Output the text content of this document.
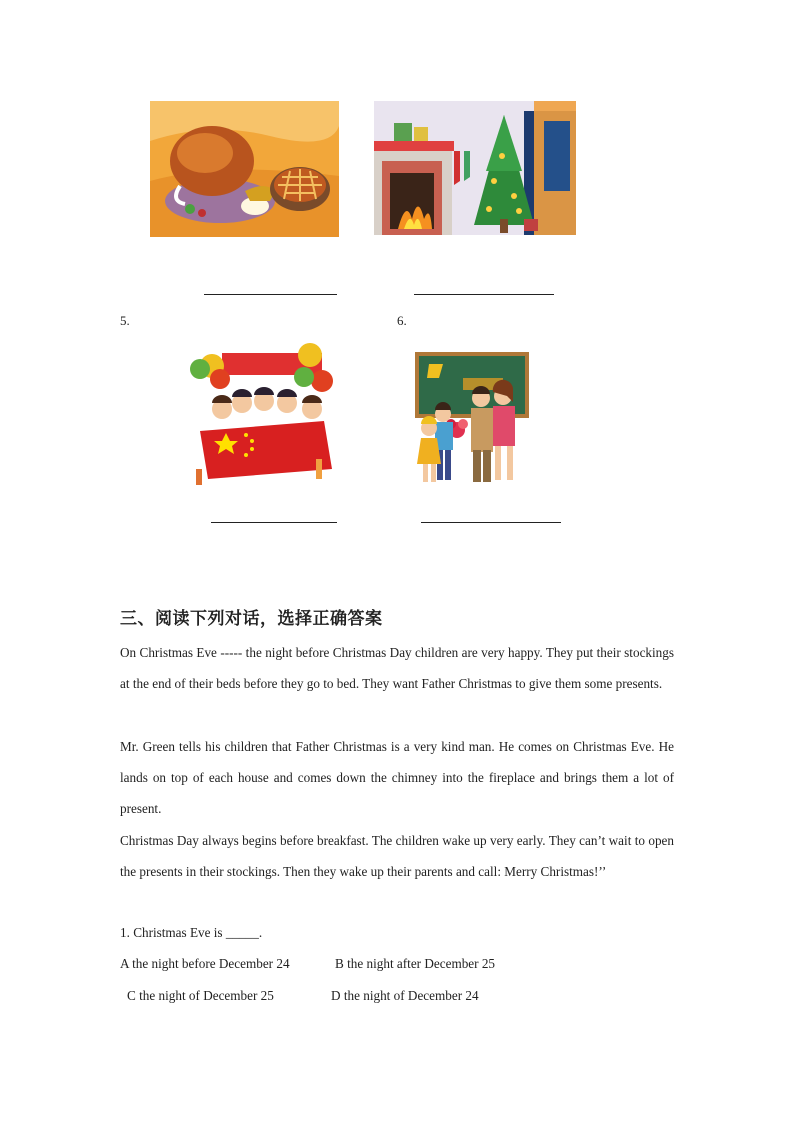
5.	6.
三、阅读下列对话，选择正确答案
On Christmas Eve ----- the night before Christmas Day children are very happy. They put their stockings at the end of their beds before they go to bed. They want Father Christmas to give them some presents.
Mr. Green tells his children that Father Christmas is a very kind man. He comes on Christmas Eve. He lands on top of each house and comes down the chimney into the fireplace and brings them a lot of present.
Christmas Day always begins before breakfast. The children wake up very early. They can’t wait to open the presents in their stockings. Then they wake up their parents and call: Merry Christmas!’’
1. Christmas Eve is _____.
A the night before December 24	B the night after December 25
C the night of December 25	D the night of December 24
